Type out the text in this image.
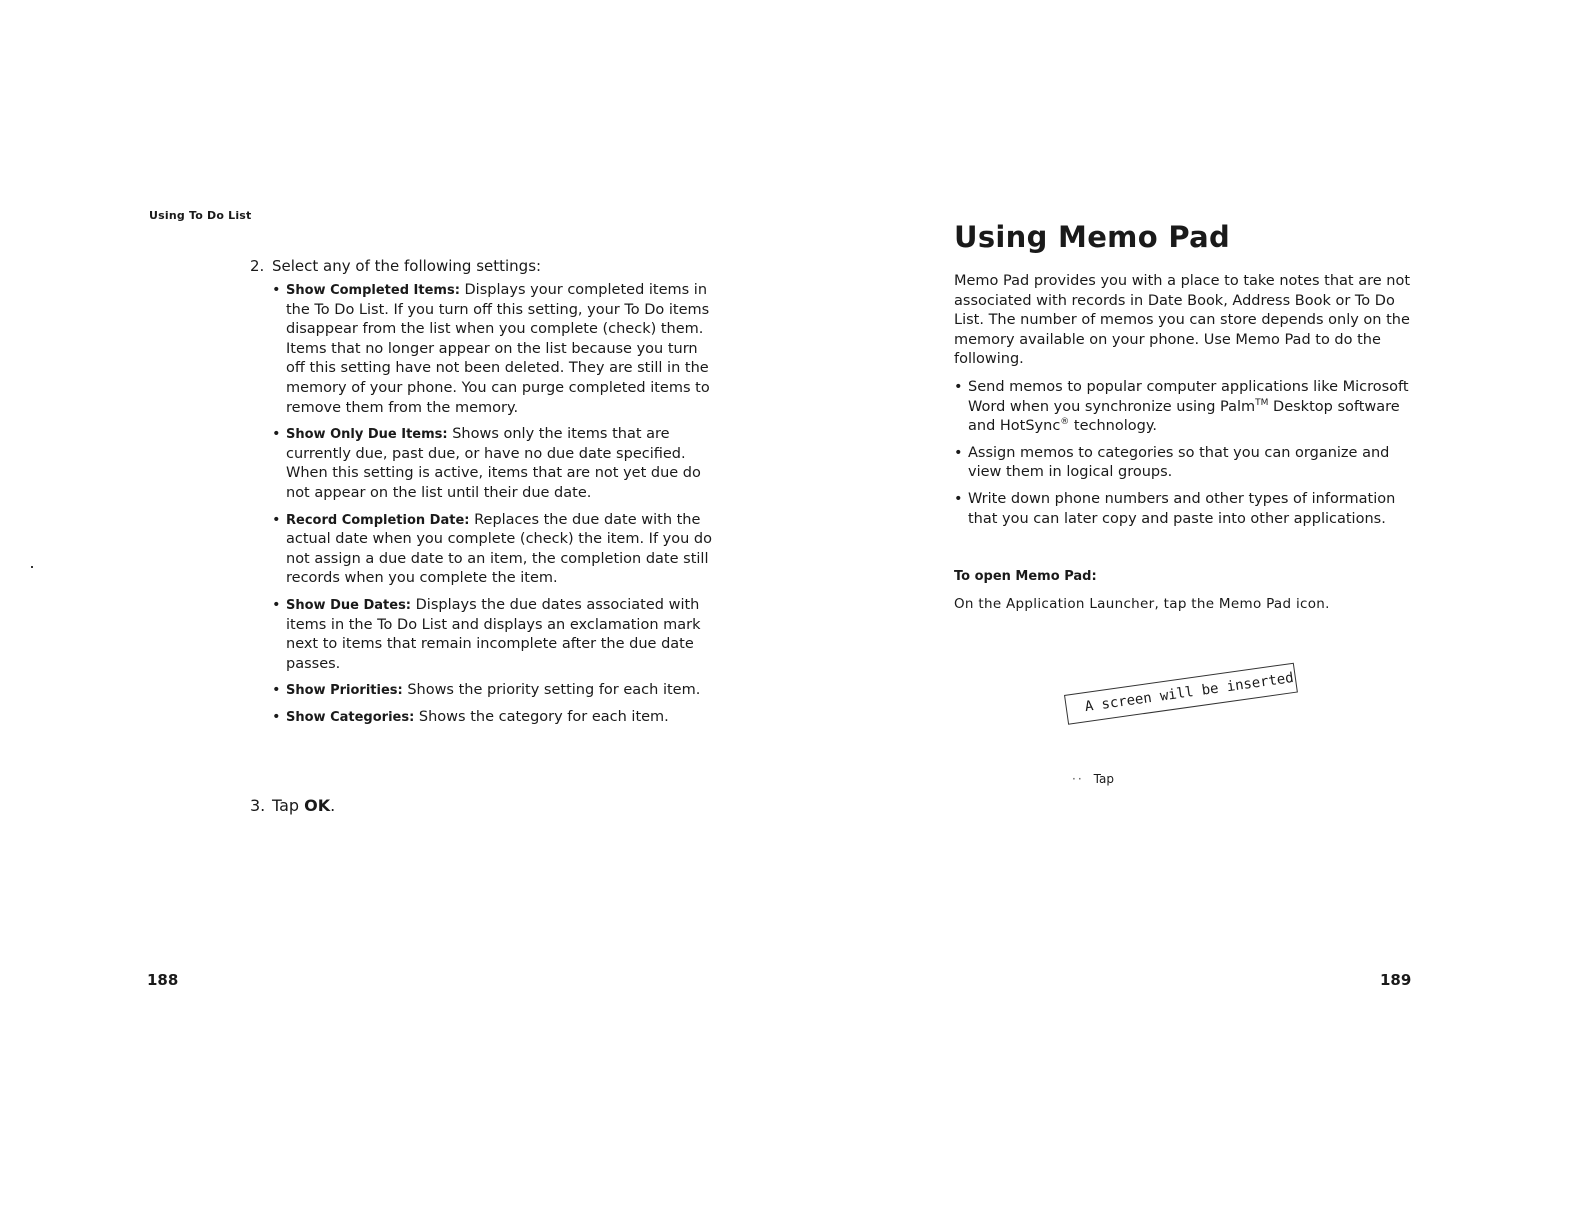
Using To Do List
2. Select any of the following settings:
• Show Completed Items: Displays your completed items in the To Do List. If you turn off this setting, your To Do items disappear from the list when you complete (check) them. Items that no longer appear on the list because you turn off this setting have not been deleted. They are still in the memory of your phone. You can purge completed items to remove them from the memory.
• Show Only Due Items: Shows only the items that are currently due, past due, or have no due date specified. When this setting is active, items that are not yet due do not appear on the list until their due date.
• Record Completion Date: Replaces the due date with the actual date when you complete (check) the item. If you do not assign a due date to an item, the completion date still records when you complete the item.
• Show Due Dates: Displays the due dates associated with items in the To Do List and displays an exclamation mark next to items that remain incomplete after the due date passes.
• Show Priorities: Shows the priority setting for each item.
• Show Categories: Shows the category for each item.
3. Tap OK.
188
Using Memo Pad

Memo Pad provides you with a place to take notes that are not associated with records in Date Book, Address Book or To Do List. The number of memos you can store depends only on the memory available on your phone. Use Memo Pad to do the following.

• Send memos to popular computer applications like Microsoft Word when you synchronize using Palm™ Desktop software and HotSync® technology.
• Assign memos to categories so that you can organize and view them in logical groups.
• Write down phone numbers and other types of information that you can later copy and paste into other applications.
To open Memo Pad:
On the Application Launcher, tap the Memo Pad icon.
A screen will be inserted
·· Tap
189
